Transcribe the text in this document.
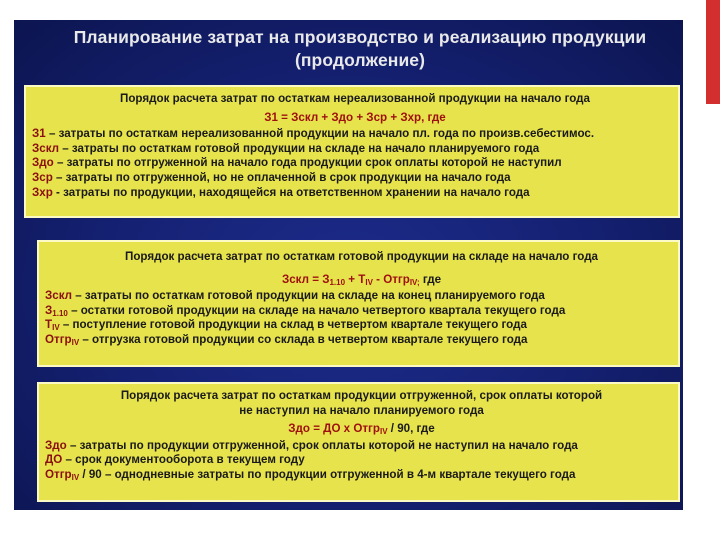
Планирование затрат на производство и реализацию продукции
(продолжение)
Порядок расчета затрат по остаткам нереализованной продукции на начало года
З1 = Зскл + Здо + Зср + Зхр, где
З1 – затраты по остаткам нереализованной продукции на начало пл. года по произв.себестимос.
Зскл – затраты по остаткам готовой продукции на складе на начало планируемого года
Здо – затраты по отгруженной на начало года продукции срок оплаты которой не наступил
Зср – затраты по отгруженной, но не оплаченной в срок продукции на начало года
Зхр - затраты по продукции, находящейся на ответственном хранении на начало года
Порядок расчета затрат по остаткам готовой продукции на складе на начало года
Зскл = $З_{1.10} + Т_{IV}$ - Отгр$_{IV;}$ где
Зскл – затраты по остаткам готовой продукции на складе на конец планируемого года
$З_{1.10}$ – остатки готовой продукции на складе на начало четвертого квартала текущего года
$Т_{IV}$ – поступление готовой продукции на склад в четвертом квартале текущего года
Отгр$_{IV}$ – отгрузка готовой продукции со склада в четвертом квартале текущего года
Порядок расчета затрат по остаткам продукции отгруженной, срок оплаты которой
не наступил на начало планируемого года
Здо = ДО х Отгр$_{IV}$ / 90, где
Здо – затраты по продукции отгруженной, срок оплаты которой не наступил на начало года
ДО – срок документооборота в текущем году
Отгр$_{IV}$ / 90 – однодневные затраты по продукции отгруженной в 4-м квартале текущего года
